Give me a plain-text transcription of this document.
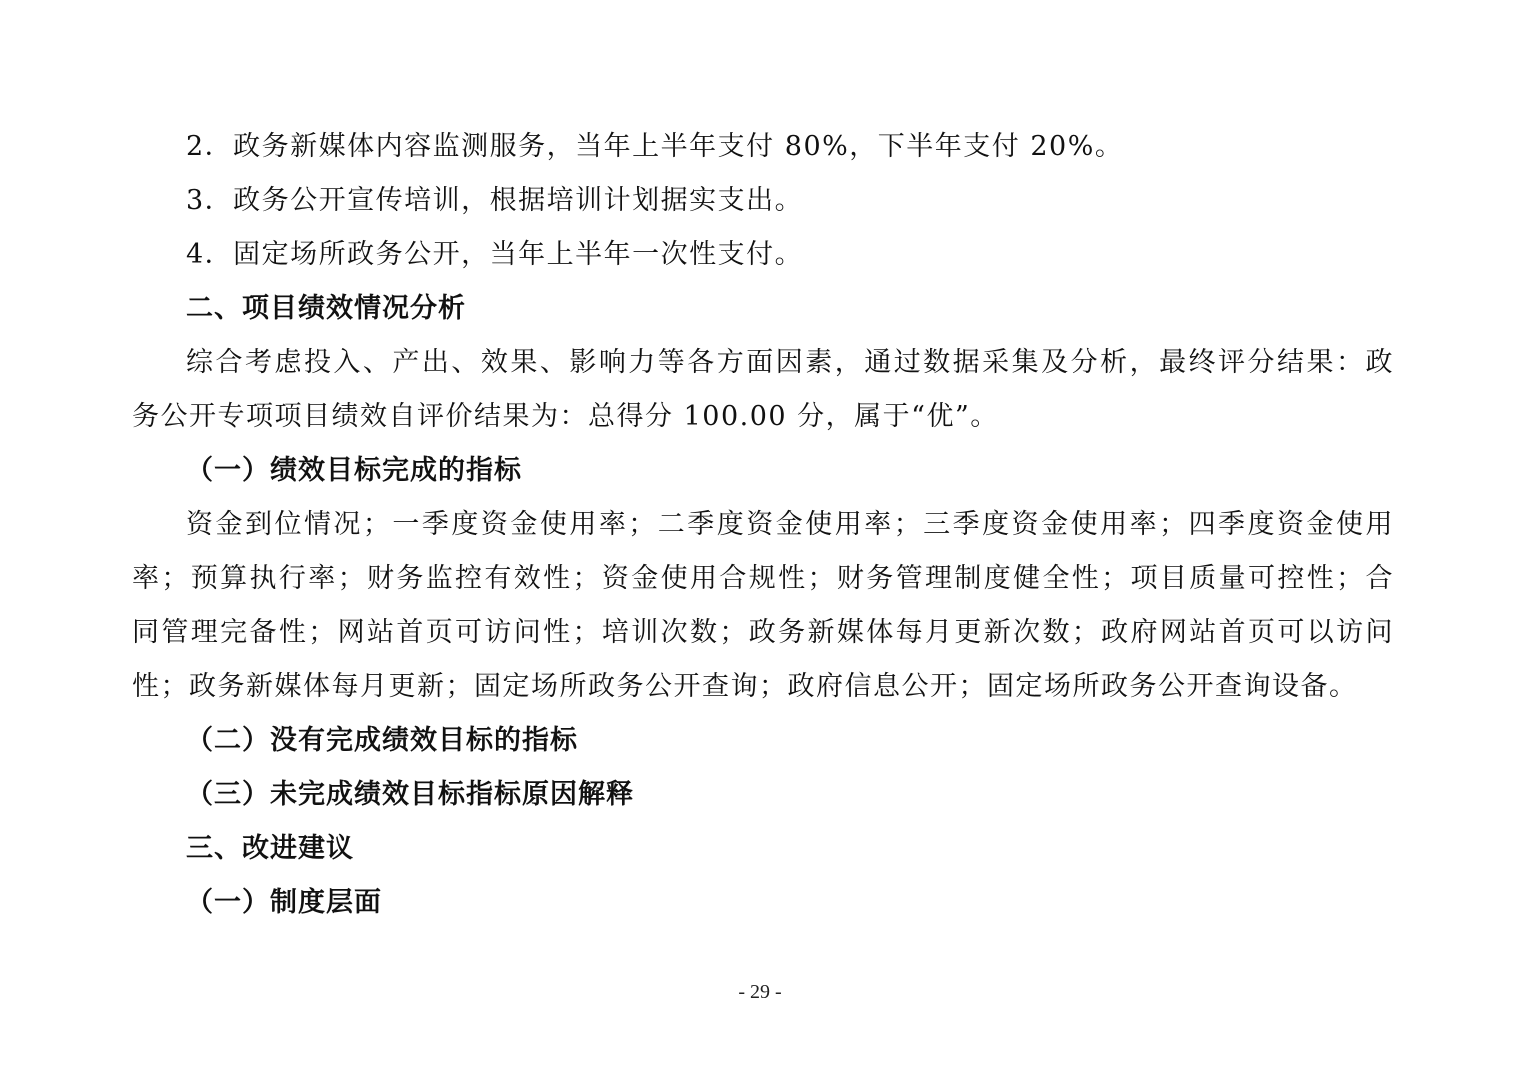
2．政务新媒体内容监测服务，当年上半年支付 80%，下半年支付 20%。
3．政务公开宣传培训，根据培训计划据实支出。
4．固定场所政务公开，当年上半年一次性支付。
二、项目绩效情况分析
综合考虑投入、产出、效果、影响力等各方面因素，通过数据采集及分析，最终评分结果：政
务公开专项项目绩效自评价结果为：总得分 100.00 分，属于“优”。
（一）绩效目标完成的指标
资金到位情况；一季度资金使用率；二季度资金使用率；三季度资金使用率；四季度资金使用
率；预算执行率；财务监控有效性；资金使用合规性；财务管理制度健全性；项目质量可控性；合
同管理完备性；网站首页可访问性；培训次数；政务新媒体每月更新次数；政府网站首页可以访问
性；政务新媒体每月更新；固定场所政务公开查询；政府信息公开；固定场所政务公开查询设备。
（二）没有完成绩效目标的指标
（三）未完成绩效目标指标原因解释
三、改进建议
（一）制度层面
- 29 -
